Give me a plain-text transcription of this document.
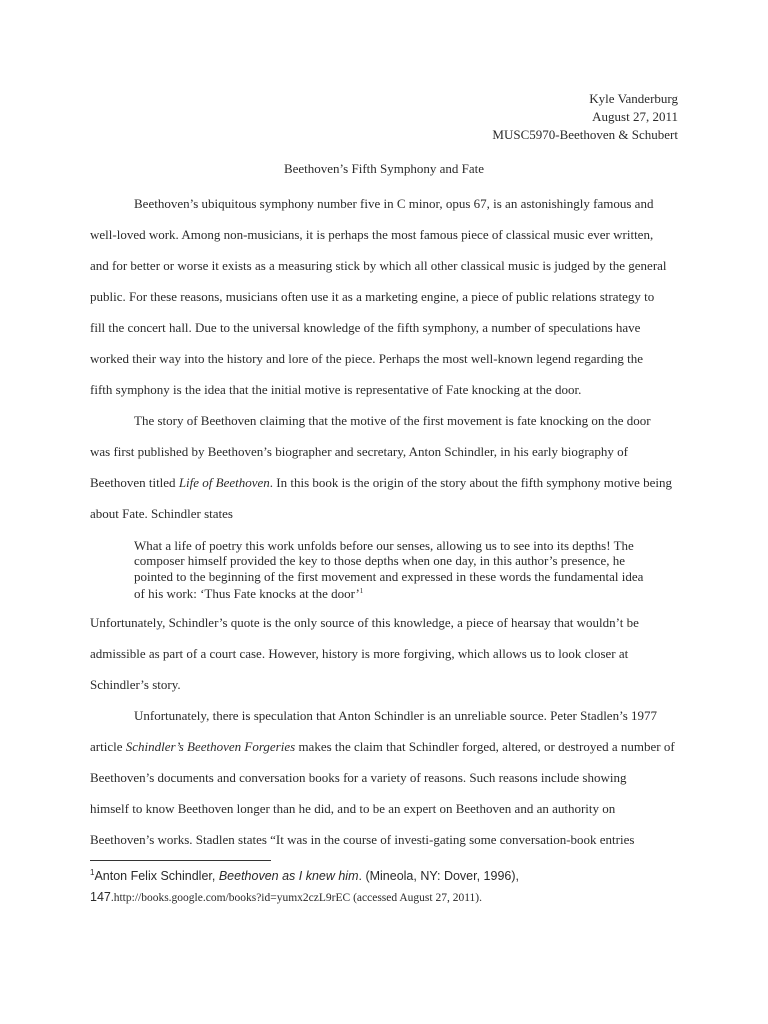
Kyle Vanderburg
August 27, 2011
MUSC5970-Beethoven & Schubert
Beethoven’s Fifth Symphony and Fate
Beethoven’s ubiquitous symphony number five in C minor, opus 67, is an astonishingly famous and
well-loved work. Among non-musicians, it is perhaps the most famous piece of classical music ever written,
and for better or worse it exists as a measuring stick by which all other classical music is judged by the general
public. For these reasons, musicians often use it as a marketing engine, a piece of public relations strategy to
fill the concert hall. Due to the universal knowledge of the fifth symphony, a number of speculations have
worked their way into the history and lore of the piece. Perhaps the most well-known legend regarding the
fifth symphony is the idea that the initial motive is representative of Fate knocking at the door.
The story of Beethoven claiming that the motive of the first movement is fate knocking on the door
was first published by Beethoven’s biographer and secretary, Anton Schindler, in his early biography of
Beethoven titled Life of Beethoven. In this book is the origin of the story about the fifth symphony motive being
about Fate. Schindler states
What a life of poetry this work unfolds before our senses, allowing us to see into its depths! The
composer himself provided the key to those depths when one day, in this author’s presence, he
pointed to the beginning of the first movement and expressed in these words the fundamental idea
of his work: ‘Thus Fate knocks at the door’$^1$
Unfortunately, Schindler’s quote is the only source of this knowledge, a piece of hearsay that wouldn’t be
admissible as part of a court case. However, history is more forgiving, which allows us to look closer at
Schindler’s story.
Unfortunately, there is speculation that Anton Schindler is an unreliable source. Peter Stadlen’s 1977
article Schindler’s Beethoven Forgeries makes the claim that Schindler forged, altered, or destroyed a number of
Beethoven’s documents and conversation books for a variety of reasons. Such reasons include showing
himself to know Beethoven longer than he did, and to be an expert on Beethoven and an authority on
Beethoven’s works. Stadlen states “It was in the course of investi-gating some conversation-book entries
$^1$Anton Felix Schindler, Beethoven as I knew him. (Mineola, NY: Dover, 1996),
147.http://books.google.com/books?id=yumx2czL9rEC (accessed August 27, 2011).
